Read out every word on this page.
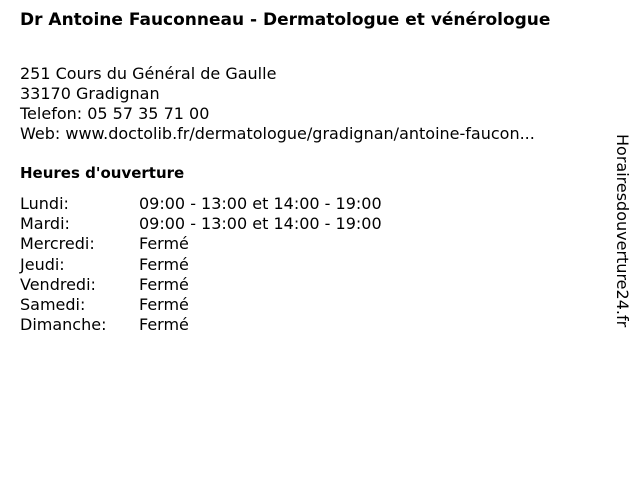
Dr Antoine Fauconneau - Dermatologue et vénérologue
251 Cours du Général de Gaulle
33170 Gradignan
Telefon: 05 57 35 71 00
Web: www.doctolib.fr/dermatologue/gradignan/antoine-faucon...
Heures d'ouverture
Lundi:	09:00 - 13:00 et 14:00 - 19:00
Mardi:	09:00 - 13:00 et 14:00 - 19:00
Mercredi:	Fermé
Jeudi:	Fermé
Vendredi:	Fermé
Samedi:	Fermé
Dimanche:	Fermé	Horairesdouverture24.fr
